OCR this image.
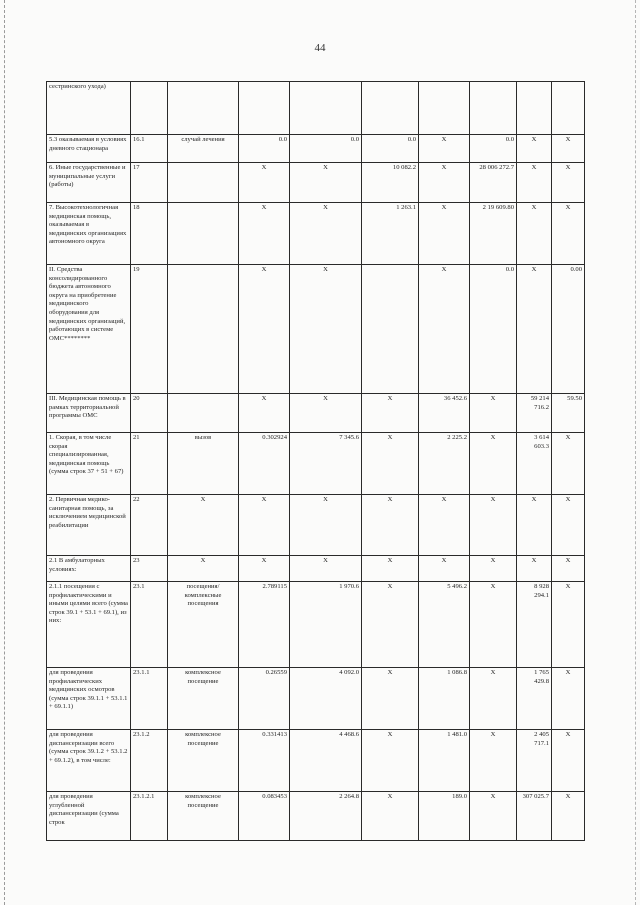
44
сестринского ухода)									
5.3 оказываемая в условиях дневного стационара	16.1	случай лечения	0.0	0.0	0.0	X	0.0	X	X
6. Иные государственные и муниципальные услуги (работы)	17		X	X	10 082.2	X	28 006 272.7	X	X
7. Высокотехнологичная медицинская помощь, оказываемая в медицинских организациях автономного округа	18		X	X	1 263.1	X	2 19 609.80	X	X
II. Средства консолидированного бюджета автономного округа на приобретение медицинского оборудования для медицинских организаций, работающих в системе ОМС********	19		X	X		X	0.0	X	0.00
III. Медицинская помощь в рамках территориальной программы ОМС	20		X	X	X	36 452.6	X	59 214 716.2	59.50
1. Скорая, в том числе скорая специализированная, медицинская помощь (сумма строк 37 + 51 + 67)	21	вызов	0.302924	7 345.6	X	2 225.2	X	3 614 603.3	X
2. Первичная медико-санитарная помощь, за исключением медицинской реабилитации	22	X	X	X	X	X	X	X	X
2.1 В амбулаторных условиях:	23	X	X	X	X	X	X	X	X
2.1.1 посещения с профилактическими и иными целями всего (сумма строк 39.1 + 53.1 + 69.1), из них:	23.1	посещения/комплексные посещения	2.789115	1 970.6	X	5 496.2	X	8 928 294.1	X
для проведения профилактических медицинских осмотров (сумма строк 39.1.1 + 53.1.1 + 69.1.1)	23.1.1	комплексное посещение	0.26559	4 092.0	X	1 086.8	X	1 765 429.8	X
для проведения диспансеризации всего (сумма строк 39.1.2 + 53.1.2 + 69.1.2), в том числе:	23.1.2	комплексное посещение	0.331413	4 468.6	X	1 481.0	X	2 405 717.1	X
для проведения углубленной диспансеризации (сумма строк	23.1.2.1	комплексное посещение	0.083453	2 264.8	X	189.0	X	307 025.7	X
